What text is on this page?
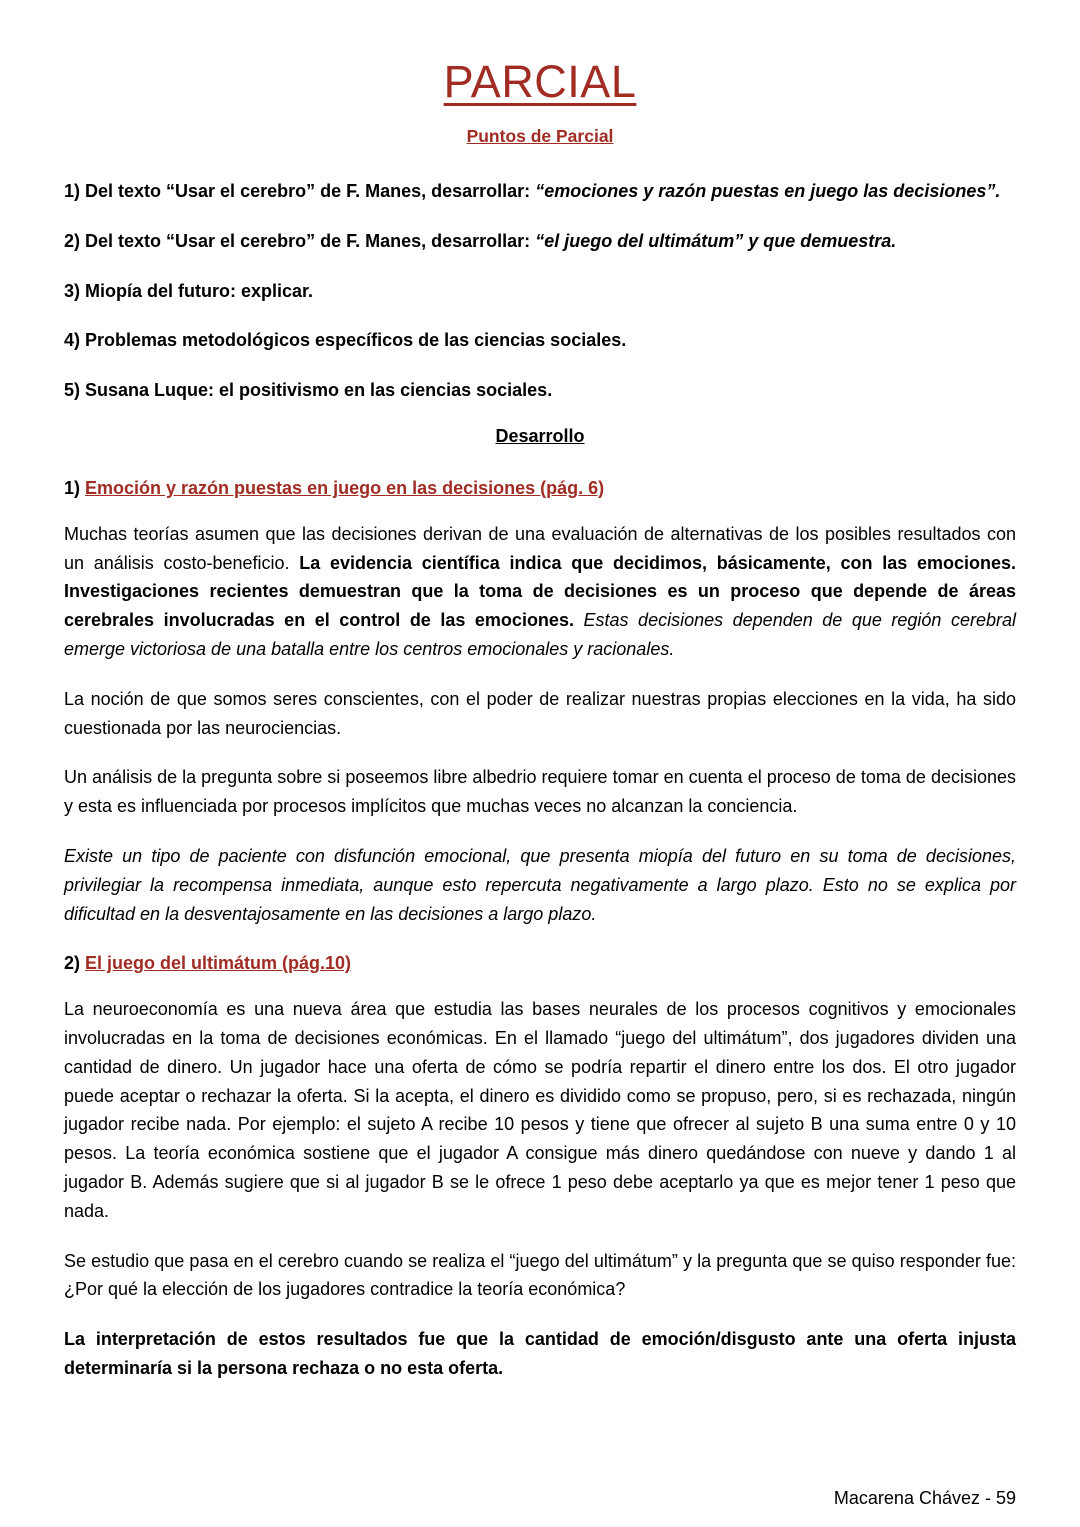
PARCIAL
Puntos de Parcial

1) Del texto “Usar el cerebro” de F. Manes, desarrollar: “emociones y razón puestas en juego las decisiones”.

2) Del texto “Usar el cerebro” de F. Manes, desarrollar: “el juego del ultimátum” y que demuestra.

3) Miopía del futuro: explicar.

4) Problemas metodológicos específicos de las ciencias sociales.

5) Susana Luque: el positivismo en las ciencias sociales.

Desarrollo

1) Emoción y razón puestas en juego en las decisiones (pág. 6)

Muchas teorías asumen que las decisiones derivan de una evaluación de alternativas de los posibles resultados con un análisis costo-beneficio. La evidencia científica indica que decidimos, básicamente, con las emociones. Investigaciones recientes demuestran que la toma de decisiones es un proceso que depende de áreas cerebrales involucradas en el control de las emociones. Estas decisiones dependen de que región cerebral emerge victoriosa de una batalla entre los centros emocionales y racionales.

La noción de que somos seres conscientes, con el poder de realizar nuestras propias elecciones en la vida, ha sido cuestionada por las neurociencias.

Un análisis de la pregunta sobre si poseemos libre albedrio requiere tomar en cuenta el proceso de toma de decisiones y esta es influenciada por procesos implícitos que muchas veces no alcanzan la conciencia.

Existe un tipo de paciente con disfunción emocional, que presenta miopía del futuro en su toma de decisiones, privilegiar la recompensa inmediata, aunque esto repercuta negativamente a largo plazo. Esto no se explica por dificultad en la desventajosamente en las decisiones a largo plazo.

2) El juego del ultimátum (pág.10)

La neuroeconomía es una nueva área que estudia las bases neurales de los procesos cognitivos y emocionales involucradas en la toma de decisiones económicas. En el llamado “juego del ultimátum”, dos jugadores dividen una cantidad de dinero. Un jugador hace una oferta de cómo se podría repartir el dinero entre los dos. El otro jugador puede aceptar o rechazar la oferta. Si la acepta, el dinero es dividido como se propuso, pero, si es rechazada, ningún jugador recibe nada. Por ejemplo: el sujeto A recibe 10 pesos y tiene que ofrecer al sujeto B una suma entre 0 y 10 pesos. La teoría económica sostiene que el jugador A consigue más dinero quedándose con nueve y dando 1 al jugador B. Además sugiere que si al jugador B se le ofrece 1 peso debe aceptarlo ya que es mejor tener 1 peso que nada.

Se estudio que pasa en el cerebro cuando se realiza el “juego del ultimátum” y la pregunta que se quiso responder fue: ¿Por qué la elección de los jugadores contradice la teoría económica?

La interpretación de estos resultados fue que la cantidad de emoción/disgusto ante una oferta injusta determinaría si la persona rechaza o no esta oferta.

Macarena Chávez - 59
